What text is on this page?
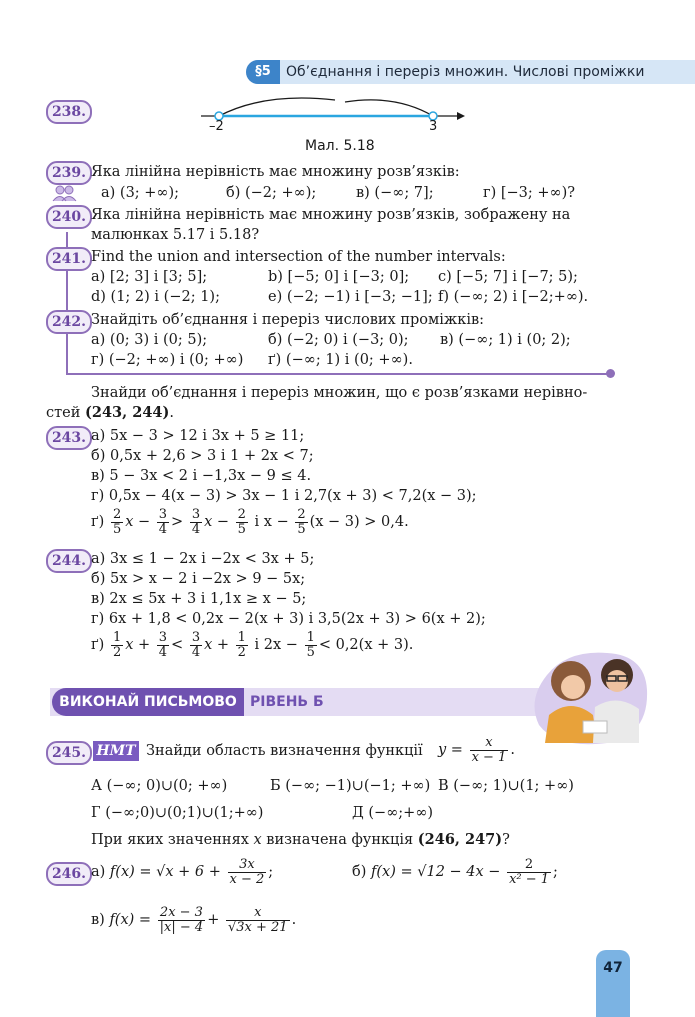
§5	Об’єднання і переріз множин. Числові проміжки
238.
–2	3
Мал. 5.18
239. Яка лінійна нерівність має множину розв’язків:
а) (3; +∞);	б) (−2; +∞);	в) (−∞; 7];	г) [−3; +∞)?
240. Яка лінійна нерівність має множину розв’язків, зображену на
малюнках 5.17 і 5.18?
241. Find the union and intersection of the number intervals:
a) [2; 3] і [3; 5];	b) [−5; 0] і [−3; 0]; c) [−5; 7] і [−7; 5);
d) (1; 2) і (−2; 1);	e) (−2; −1) і [−3; −1]; f) (−∞; 2) і [−2;+∞).
242. Знайдіть об’єднання і переріз числових проміжків:
а) (0; 3) і (0; 5);	б) (−2; 0) і (−3; 0); в) (−∞; 1) і (0; 2);
г) (−2; +∞) і (0; +∞) ґ) (−∞; 1) і (0; +∞).
Знайди об’єднання і переріз множин, що є розв’язками нерівно-
стей (243, 244).
243. а) 5x − 3 > 12 і 3x + 5 ≥ 11;
б) 0,5x + 2,6 > 3 і 1 + 2x < 7;
в) 5 − 3x < 2 і −1,3x − 9 ≤ 4.
г) 0,5x − 4(x − 3) > 3x − 1 і 2,7(x + 3) < 7,2(x − 3);
$ґ) \frac{2}{5}$ $x - \frac{3}{4} > \frac{3}{4}$ $x - \frac{2}{5}$ і $x - \frac{2}{5} (x - 3) > 0,4$.
244. а) 3x ≤ 1 − 2x і −2x < 3x + 5;
б) 5x > x − 2 і −2x > 9 − 5x;
в) 2x ≤ 5x + 3 і 1,1x ≥ x − 5;
г) 6x + 1,8 < 0,2x − 2(x + 3) і 3,5(2x + 3) > 6(x + 2);
$ґ) \frac{1}{2}$ $x + \frac{3}{4} < \frac{3}{4}$ $x + \frac{1}{2}$ і $2x - \frac{1}{5} < 0,2(x + 3)$.
ВИКОНАЙ ПИСЬМОВО РІВЕНЬ Б
245. НМТ Знайди область визначення функції $y = \frac{x}{x - 1}$ .
А (−∞; 0)∪(0; +∞)	Б (−∞; −1)∪(−1; +∞) В (−∞; 1)∪(1; +∞)
Г (−∞;0)∪(0;1)∪(1;+∞)	Д (−∞;+∞)
При яких значеннях x визначена функція (246, 247)?
246. а) $f(x) = √x + 6 + \frac{3x}{x - 2}$ ;	б) $f(x) = √12 - 4x - \frac{2}{\text{x² − 1}}$ ;
в) $f(x) = \frac{2x - 3}{|x| - 4} + \frac{x}{√3x + 21}$ .
47
